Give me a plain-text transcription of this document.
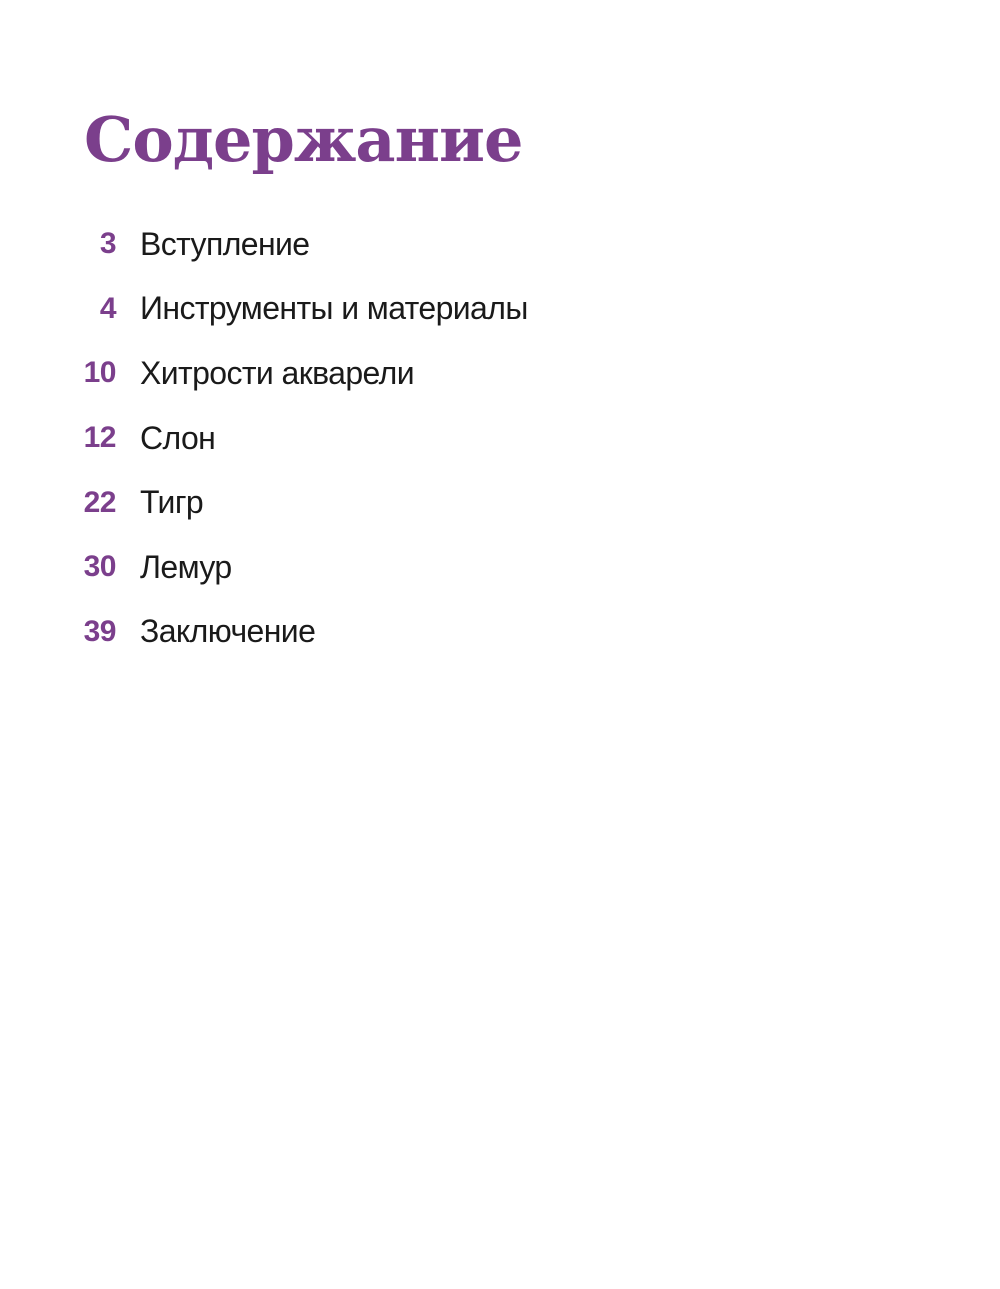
Содержание
3 Вступление
4 Инструменты и материалы
10 Хитрости акварели
12 Слон
22 Тигр
30 Лемур
39 Заключение
